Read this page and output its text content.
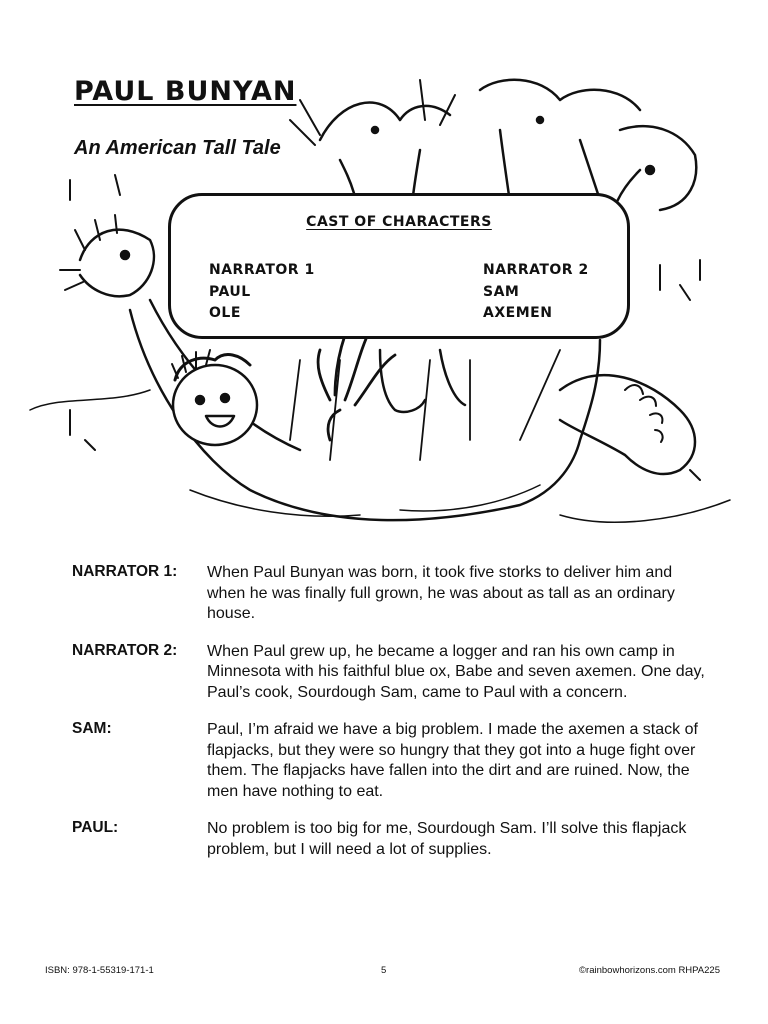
PAUL BUNYAN
An American Tall Tale
CAST OF CHARACTERS
NARRATOR 1
PAUL
OLE
NARRATOR 2
SAM
AXEMEN
NARRATOR 1: When Paul Bunyan was born, it took five storks to deliver him and when he was finally full grown, he was about as tall as an ordinary house.
NARRATOR 2: When Paul grew up, he became a logger and ran his own camp in Minnesota with his faithful blue ox, Babe and seven axemen. One day, Paul’s cook, Sourdough Sam, came to Paul with a concern.
SAM:	Paul, I’m afraid we have a big problem. I made the axemen a stack of flapjacks, but they were so hungry that they got into a huge fight over them. The flapjacks have fallen into the dirt and are ruined. Now, the men have nothing to eat.
PAUL:	No problem is too big for me, Sourdough Sam. I’ll solve this flapjack problem, but I will need a lot of supplies.
ISBN: 978-1-55319-171-1	5	©rainbowhorizons.com RHPA225
